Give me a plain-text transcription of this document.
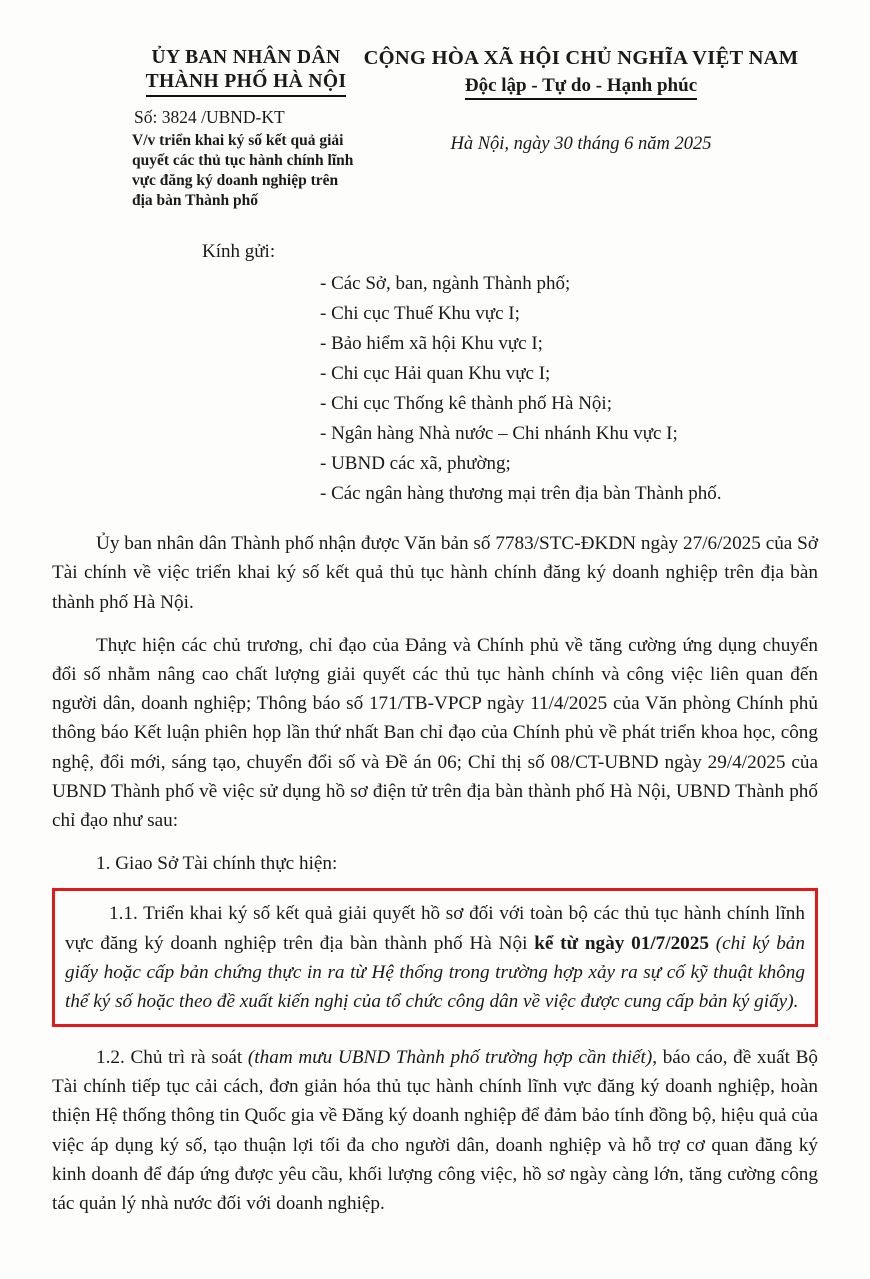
ỦY BAN NHÂN DÂN
THÀNH PHỐ HÀ NỘI
Số: 3824 /UBND-KT
V/v triển khai ký số kết quả giải quyết các thủ tục hành chính lĩnh vực đăng ký doanh nghiệp trên địa bàn Thành phố
CỘNG HÒA XÃ HỘI CHỦ NGHĨA VIỆT NAM
Độc lập - Tự do - Hạnh phúc
Hà Nội, ngày 30 tháng 6 năm 2025
Kính gửi:
- Các Sở, ban, ngành Thành phố;
- Chi cục Thuế Khu vực I;
- Bảo hiểm xã hội Khu vực I;
- Chi cục Hải quan Khu vực I;
- Chi cục Thống kê thành phố Hà Nội;
- Ngân hàng Nhà nước – Chi nhánh Khu vực I;
- UBND các xã, phường;
- Các ngân hàng thương mại trên địa bàn Thành phố.

Ủy ban nhân dân Thành phố nhận được Văn bản số 7783/STC-ĐKDN ngày 27/6/2025 của Sở Tài chính về việc triển khai ký số kết quả thủ tục hành chính đăng ký doanh nghiệp trên địa bàn thành phố Hà Nội.

Thực hiện các chủ trương, chỉ đạo của Đảng và Chính phủ về tăng cường ứng dụng chuyển đổi số nhằm nâng cao chất lượng giải quyết các thủ tục hành chính và công việc liên quan đến người dân, doanh nghiệp; Thông báo số 171/TB-VPCP ngày 11/4/2025 của Văn phòng Chính phủ thông báo Kết luận phiên họp lần thứ nhất Ban chỉ đạo của Chính phủ về phát triển khoa học, công nghệ, đổi mới, sáng tạo, chuyển đổi số và Đề án 06; Chỉ thị số 08/CT-UBND ngày 29/4/2025 của UBND Thành phố về việc sử dụng hồ sơ điện tử trên địa bàn thành phố Hà Nội, UBND Thành phố chỉ đạo như sau:

1. Giao Sở Tài chính thực hiện:

1.1. Triển khai ký số kết quả giải quyết hồ sơ đối với toàn bộ các thủ tục hành chính lĩnh vực đăng ký doanh nghiệp trên địa bàn thành phố Hà Nội kể từ ngày 01/7/2025 (chỉ ký bản giấy hoặc cấp bản chứng thực in ra từ Hệ thống trong trường hợp xảy ra sự cố kỹ thuật không thể ký số hoặc theo đề xuất kiến nghị của tổ chức công dân về việc được cung cấp bản ký giấy).

1.2. Chủ trì rà soát (tham mưu UBND Thành phố trường hợp cần thiết), báo cáo, đề xuất Bộ Tài chính tiếp tục cải cách, đơn giản hóa thủ tục hành chính lĩnh vực đăng ký doanh nghiệp, hoàn thiện Hệ thống thông tin Quốc gia về Đăng ký doanh nghiệp để đảm bảo tính đồng bộ, hiệu quả của việc áp dụng ký số, tạo thuận lợi tối đa cho người dân, doanh nghiệp và hỗ trợ cơ quan đăng ký kinh doanh để đáp ứng được yêu cầu, khối lượng công việc, hồ sơ ngày càng lớn, tăng cường công tác quản lý nhà nước đối với doanh nghiệp.
